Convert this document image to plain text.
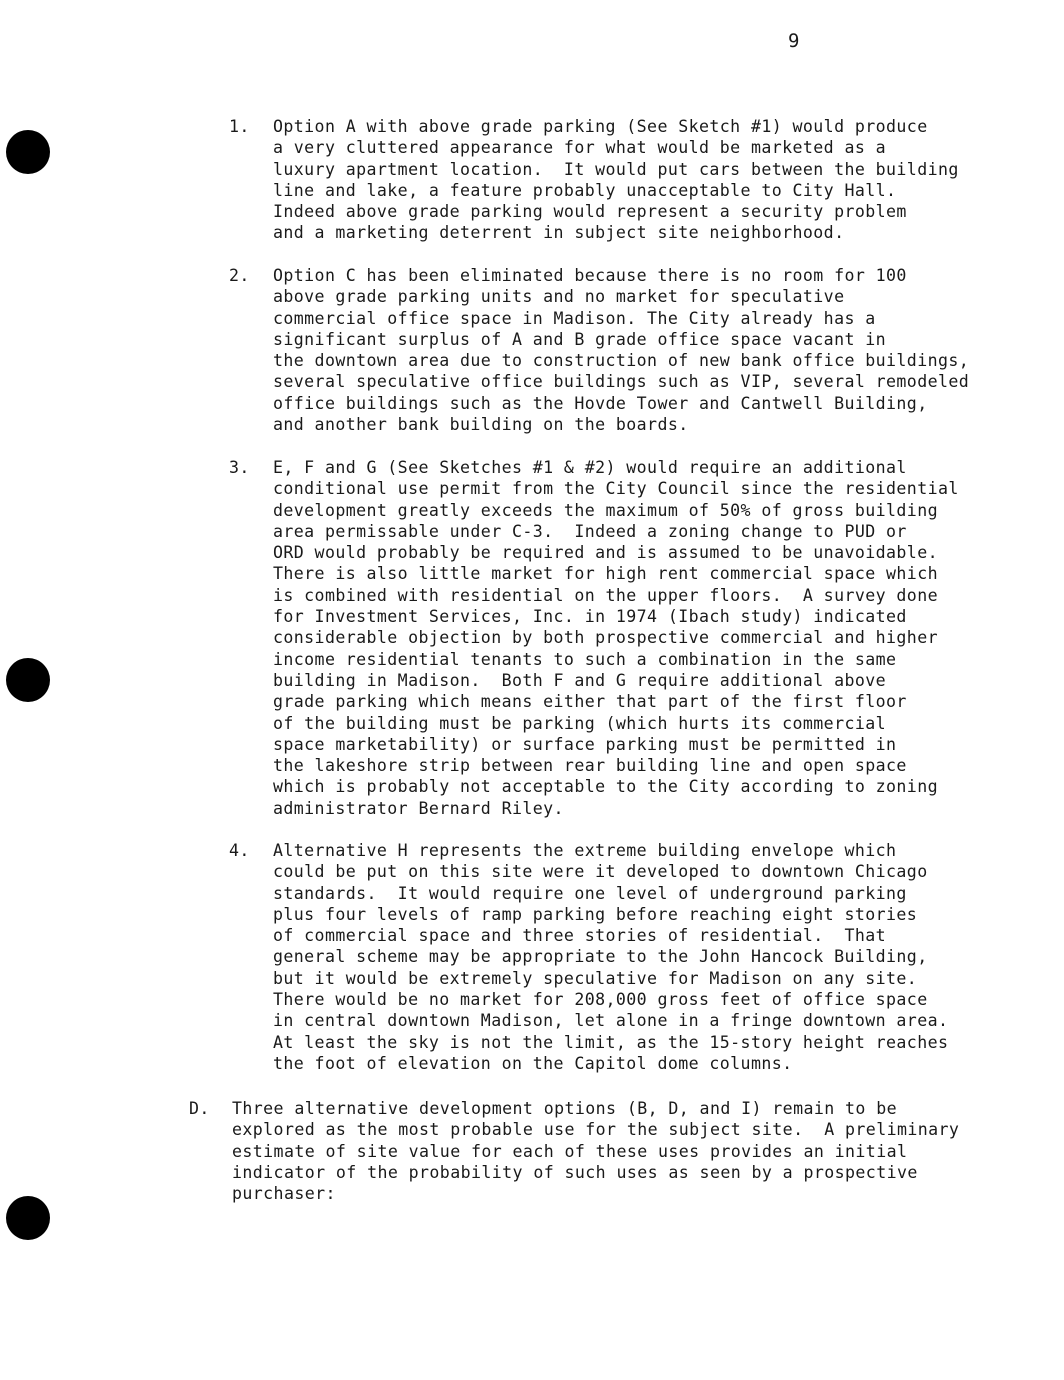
9
1. Option A with above grade parking (See Sketch #1) would produce
a very cluttered appearance for what would be marketed as a
luxury apartment location.  It would put cars between the building
line and lake, a feature probably unacceptable to City Hall.
Indeed above grade parking would represent a security problem
and a marketing deterrent in subject site neighborhood.
2. Option C has been eliminated because there is no room for 100
above grade parking units and no market for speculative
commercial office space in Madison. The City already has a
significant surplus of A and B grade office space vacant in
the downtown area due to construction of new bank office buildings,
several speculative office buildings such as VIP, several remodeled
office buildings such as the Hovde Tower and Cantwell Building,
and another bank building on the boards.
3. E, F and G (See Sketches #1 & #2) would require an additional
conditional use permit from the City Council since the residential
development greatly exceeds the maximum of 50% of gross building
area permissable under C-3.  Indeed a zoning change to PUD or
ORD would probably be required and is assumed to be unavoidable.
There is also little market for high rent commercial space which
is combined with residential on the upper floors.  A survey done
for Investment Services, Inc. in 1974 (Ibach study) indicated
considerable objection by both prospective commercial and higher
income residential tenants to such a combination in the same
building in Madison.  Both F and G require additional above
grade parking which means either that part of the first floor
of the building must be parking (which hurts its commercial
space marketability) or surface parking must be permitted in
the lakeshore strip between rear building line and open space
which is probably not acceptable to the City according to zoning
administrator Bernard Riley.
4. Alternative H represents the extreme building envelope which
could be put on this site were it developed to downtown Chicago
standards.  It would require one level of underground parking
plus four levels of ramp parking before reaching eight stories
of commercial space and three stories of residential.  That
general scheme may be appropriate to the John Hancock Building,
but it would be extremely speculative for Madison on any site.
There would be no market for 208,000 gross feet of office space
in central downtown Madison, let alone in a fringe downtown area.
At least the sky is not the limit, as the 15-story height reaches
the foot of elevation on the Capitol dome columns.
D. Three alternative development options (B, D, and I) remain to be
explored as the most probable use for the subject site.  A preliminary
estimate of site value for each of these uses provides an initial
indicator of the probability of such uses as seen by a prospective
purchaser:
